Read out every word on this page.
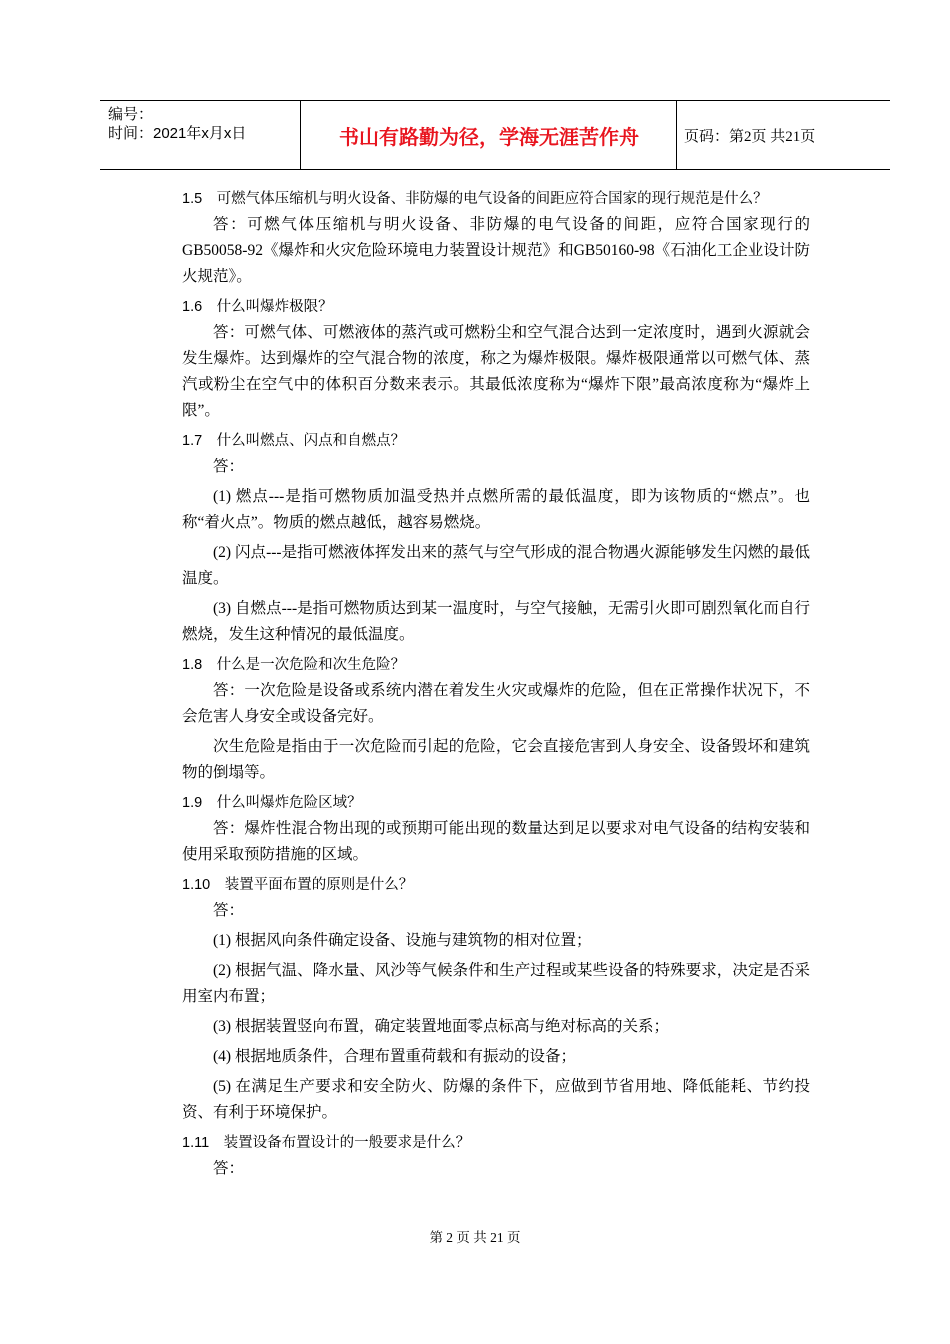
编号：
时间：2021年x月x日	书山有路勤为径，学海无涯苦作舟	页码：第2页 共21页

1.5　可燃气体压缩机与明火设备、非防爆的电气设备的间距应符合国家的现行规范是什么？

答：可燃气体压缩机与明火设备、非防爆的电气设备的间距，应符合国家现行的GB50058-92《爆炸和火灾危险环境电力装置设计规范》和GB50160-98《石油化工企业设计防火规范》。

1.6　什么叫爆炸极限？

答：可燃气体、可燃液体的蒸汽或可燃粉尘和空气混合达到一定浓度时，遇到火源就会发生爆炸。达到爆炸的空气混合物的浓度，称之为爆炸极限。爆炸极限通常以可燃气体、蒸汽或粉尘在空气中的体积百分数来表示。其最低浓度称为“爆炸下限”最高浓度称为“爆炸上限”。

1.7　什么叫燃点、闪点和自燃点？

答：

(1) 燃点---是指可燃物质加温受热并点燃所需的最低温度，即为该物质的“燃点”。也称“着火点”。物质的燃点越低，越容易燃烧。

(2) 闪点---是指可燃液体挥发出来的蒸气与空气形成的混合物遇火源能够发生闪燃的最低温度。

(3) 自燃点---是指可燃物质达到某一温度时，与空气接触，无需引火即可剧烈氧化而自行燃烧，发生这种情况的最低温度。

1.8　什么是一次危险和次生危险？

答：一次危险是设备或系统内潜在着发生火灾或爆炸的危险，但在正常操作状况下，不会危害人身安全或设备完好。

次生危险是指由于一次危险而引起的危险，它会直接危害到人身安全、设备毁坏和建筑物的倒塌等。

1.9　什么叫爆炸危险区域？

答：爆炸性混合物出现的或预期可能出现的数量达到足以要求对电气设备的结构安装和使用采取预防措施的区域。

1.10　装置平面布置的原则是什么？

答：

(1) 根据风向条件确定设备、设施与建筑物的相对位置；

(2) 根据气温、降水量、风沙等气候条件和生产过程或某些设备的特殊要求，决定是否采用室内布置；

(3) 根据装置竖向布置，确定装置地面零点标高与绝对标高的关系；

(4) 根据地质条件，合理布置重荷载和有振动的设备；

(5) 在满足生产要求和安全防火、防爆的条件下，应做到节省用地、降低能耗、节约投资、有利于环境保护。

1.11　装置设备布置设计的一般要求是什么？

答：

第 2 页 共 21 页
